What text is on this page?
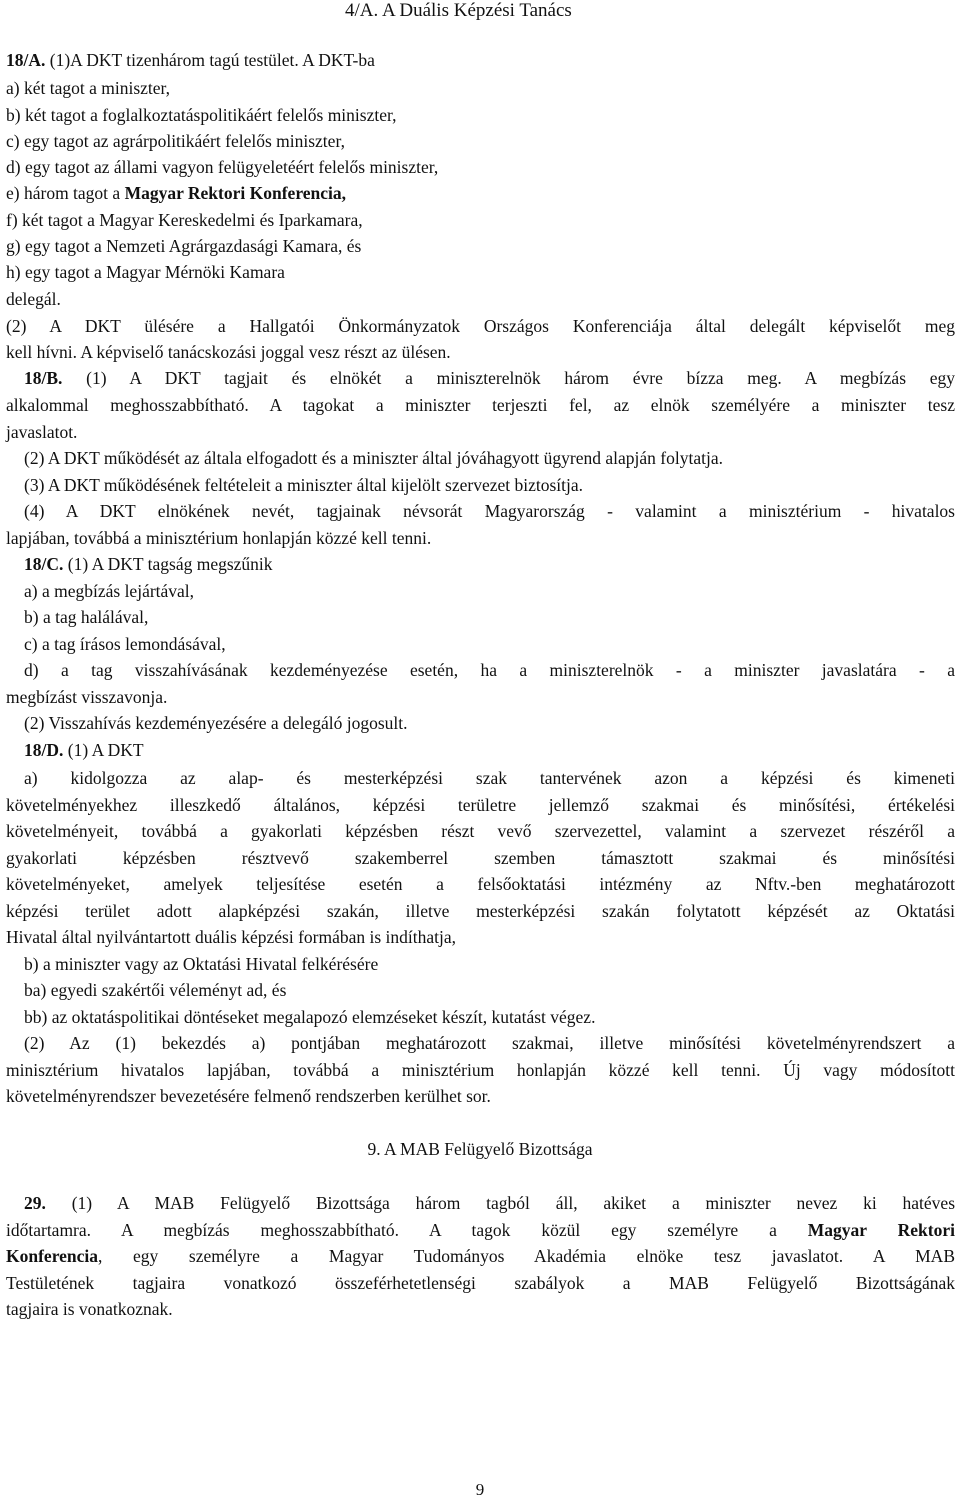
4/A. A Duális Képzési Tanács

18/A. (1)A DKT tizenhárom tagú testület. A DKT-ba

a) két tagot a miniszter,

b) két tagot a foglalkoztatáspolitikáért felelős miniszter,

c) egy tagot az agrárpolitikáért felelős miniszter,

d) egy tagot az állami vagyon felügyeletéért felelős miniszter,

e) három tagot a Magyar Rektori Konferencia,

f) két tagot a Magyar Kereskedelmi és Iparkamara,

g) egy tagot a Nemzeti Agrárgazdasági Kamara, és

h) egy tagot a Magyar Mérnöki Kamara

delegál.

(2) A DKT ülésére a Hallgatói Önkormányzatok Országos Konferenciája által delegált képviselőt meg

kell hívni. A képviselő tanácskozási joggal vesz részt az ülésen.

18/B. (1) A DKT tagjait és elnökét a miniszterelnök három évre bízza meg. A megbízás egy

alkalommal meghosszabbítható. A tagokat a miniszter terjeszti fel, az elnök személyére a miniszter tesz

javaslatot.

(2) A DKT működését az általa elfogadott és a miniszter által jóváhagyott ügyrend alapján folytatja.

(3) A DKT működésének feltételeit a miniszter által kijelölt szervezet biztosítja.

(4) A DKT elnökének nevét, tagjainak névsorát Magyarország - valamint a minisztérium - hivatalos

lapjában, továbbá a minisztérium honlapján közzé kell tenni.

18/C. (1) A DKT tagság megszűnik

a) a megbízás lejártával,

b) a tag halálával,

c) a tag írásos lemondásával,

d) a tag visszahívásának kezdeményezése esetén, ha a miniszterelnök - a miniszter javaslatára - a

megbízást visszavonja.

(2) Visszahívás kezdeményezésére a delegáló jogosult.

18/D. (1) A DKT

a) kidolgozza az alap- és mesterképzési szak tantervének azon a képzési és kimeneti

követelményekhez illeszkedő általános, képzési területre jellemző szakmai és minősítési, értékelési

követelményeit, továbbá a gyakorlati képzésben részt vevő szervezettel, valamint a szervezet részéről a

gyakorlati képzésben résztvevő szakemberrel szemben támasztott szakmai és minősítési

követelményeket, amelyek teljesítése esetén a felsőoktatási intézmény az Nftv.-ben meghatározott

képzési terület adott alapképzési szakán, illetve mesterképzési szakán folytatott képzését az Oktatási

Hivatal által nyilvántartott duális képzési formában is indíthatja,

b) a miniszter vagy az Oktatási Hivatal felkérésére

ba) egyedi szakértői véleményt ad, és

bb) az oktatáspolitikai döntéseket megalapozó elemzéseket készít, kutatást végez.

(2) Az (1) bekezdés a) pontjában meghatározott szakmai, illetve minősítési követelményrendszert a

minisztérium hivatalos lapjában, továbbá a minisztérium honlapján közzé kell tenni. Új vagy módosított

követelményrendszer bevezetésére felmenő rendszerben kerülhet sor.

9. A MAB Felügyelő Bizottsága

29. (1) A MAB Felügyelő Bizottsága három tagból áll, akiket a miniszter nevez ki hatéves

időtartamra. A megbízás meghosszabbítható. A tagok közül egy személyre a Magyar Rektori

Konferencia, egy személyre a Magyar Tudományos Akadémia elnöke tesz javaslatot. A MAB

Testületének tagjaira vonatkozó összeférhetetlenségi szabályok a MAB Felügyelő Bizottságának

tagjaira is vonatkoznak.

9
